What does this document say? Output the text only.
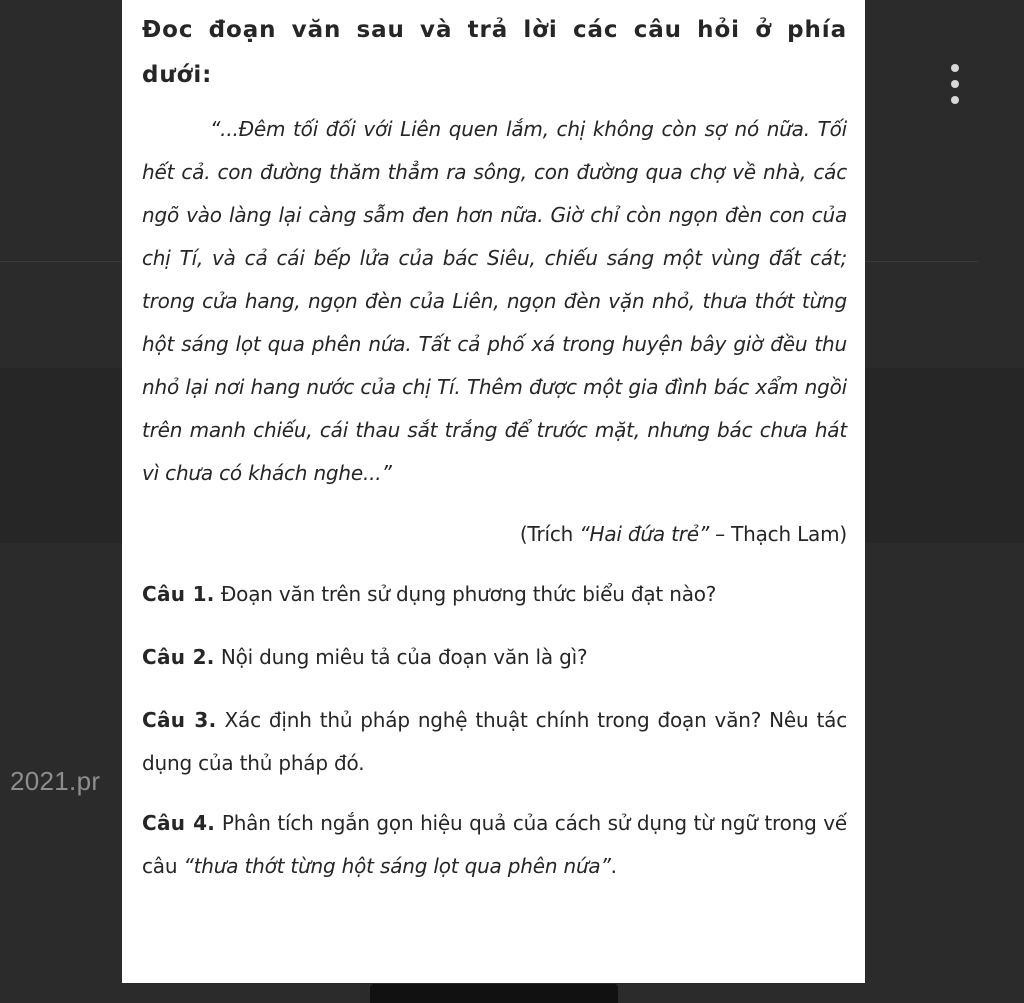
2021.pr

Đoc đoạn văn sau và trả lời các câu hỏi ở phía dưới:

“...Đêm tối đối với Liên quen lắm, chị không còn sợ nó nữa. Tối hết cả. con đường thăm thẳm ra sông, con đường qua chợ về nhà, các ngõ vào làng lại càng sẫm đen hơn nữa. Giờ chỉ còn ngọn đèn con của chị Tí, và cả cái bếp lửa của bác Siêu, chiếu sáng một vùng đất cát; trong cửa hang, ngọn đèn của Liên, ngọn đèn vặn nhỏ, thưa thớt từng hột sáng lọt qua phên nứa. Tất cả phố xá trong huyện bây giờ đều thu nhỏ lại nơi hang nước của chị Tí. Thêm được một gia đình bác xẩm ngồi trên manh chiếu, cái thau sắt trắng để trước mặt, nhưng bác chưa hát vì chưa có khách nghe...”

(Trích “Hai đứa trẻ” – Thạch Lam)

Câu 1. Đoạn văn trên sử dụng phương thức biểu đạt nào?

Câu 2. Nội dung miêu tả của đoạn văn là gì?

Câu 3. Xác định thủ pháp nghệ thuật chính trong đoạn văn? Nêu tác dụng của thủ pháp đó.

Câu 4. Phân tích ngắn gọn hiệu quả của cách sử dụng từ ngữ trong vế câu “thưa thớt từng hột sáng lọt qua phên nứa”.
